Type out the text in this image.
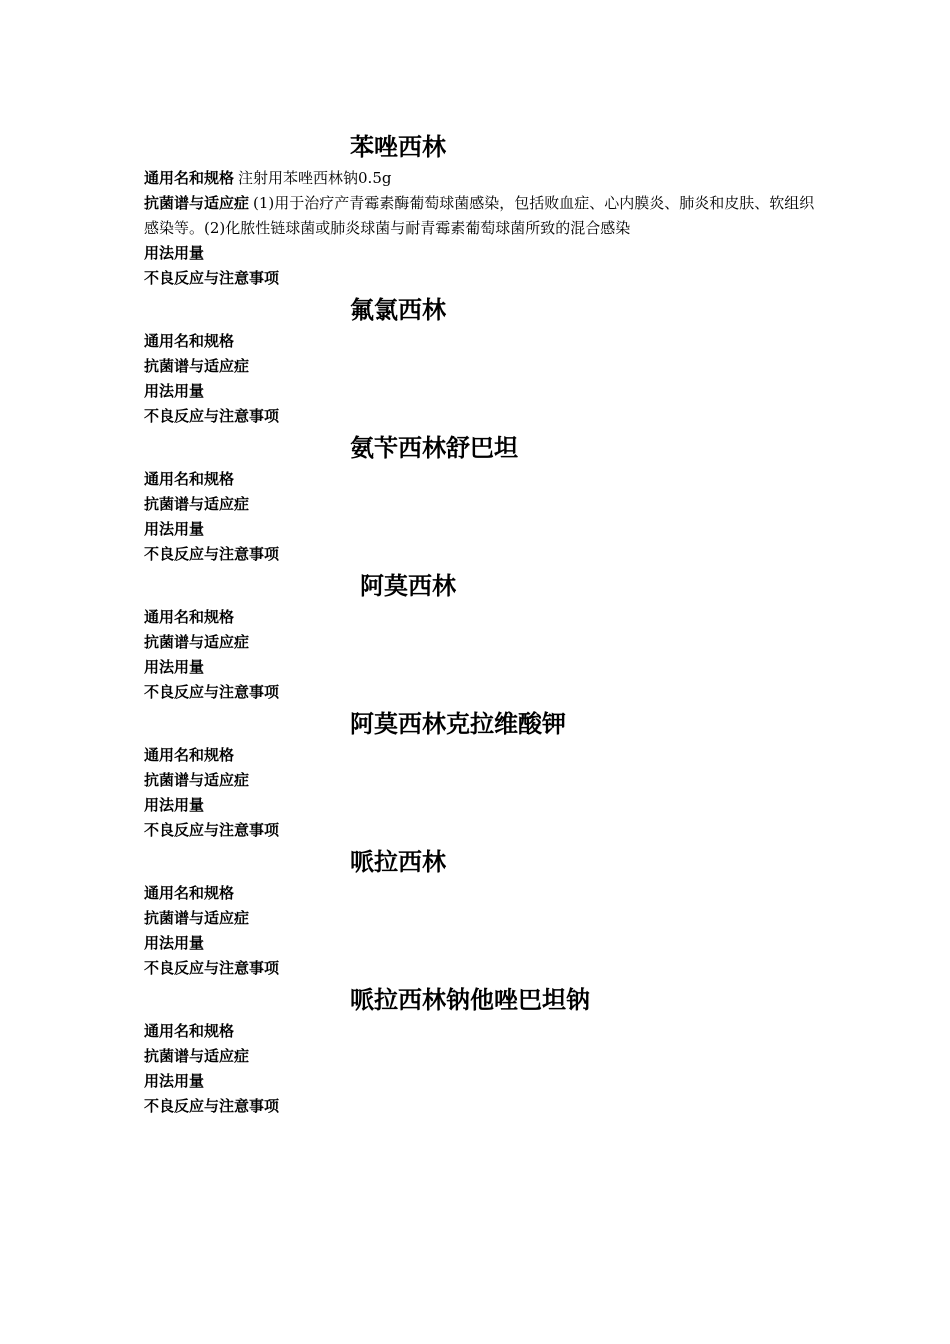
苯唑西林

通用名和规格 注射用苯唑西林钠0.5g

抗菌谱与适应症 (1)用于治疗产青霉素酶葡萄球菌感染，包括败血症、心内膜炎、肺炎和皮肤、软组织感染等。(2)化脓性链球菌或肺炎球菌与耐青霉素葡萄球菌所致的混合感染

用法用量

不良反应与注意事项

氟氯西林

通用名和规格

抗菌谱与适应症

用法用量

不良反应与注意事项

氨苄西林舒巴坦

通用名和规格

抗菌谱与适应症

用法用量

不良反应与注意事项

阿莫西林

通用名和规格

抗菌谱与适应症

用法用量

不良反应与注意事项

阿莫西林克拉维酸钾

通用名和规格

抗菌谱与适应症

用法用量

不良反应与注意事项

哌拉西林

通用名和规格

抗菌谱与适应症

用法用量

不良反应与注意事项

哌拉西林钠他唑巴坦钠

通用名和规格

抗菌谱与适应症

用法用量

不良反应与注意事项
